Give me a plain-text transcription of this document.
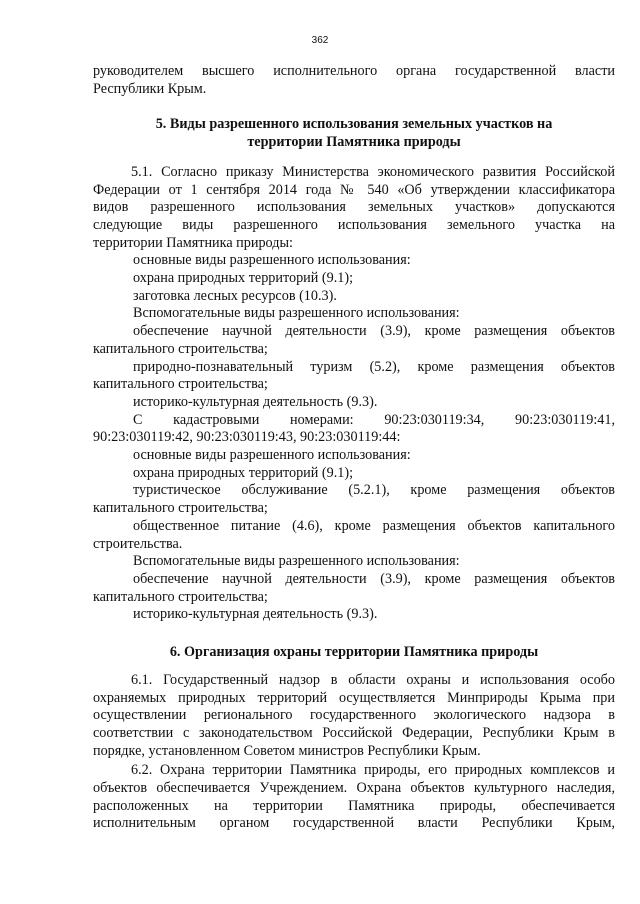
362
руководителем высшего исполнительного органа государственной власти
Республики Крым.
5. Виды разрешенного использования земельных участков на
территории Памятника природы
5.1. Согласно приказу Министерства экономического развития Российской
Федерации от 1 сентября 2014 года № 540 «Об утверждении классификатора
видов разрешенного использования земельных участков» допускаются
следующие виды разрешенного использования земельного участка на
территории Памятника природы:
основные виды разрешенного использования:
охрана природных территорий (9.1);
заготовка лесных ресурсов (10.3).
Вспомогательные виды разрешенного использования:
обеспечение научной деятельности (3.9), кроме размещения объектов
капитального строительства;
природно-познавательный туризм (5.2), кроме размещения объектов
капитального строительства;
историко-культурная деятельность (9.3).
С кадастровыми номерами: 90:23:030119:34, 90:23:030119:41,
90:23:030119:42, 90:23:030119:43, 90:23:030119:44:
основные виды разрешенного использования:
охрана природных территорий (9.1);
туристическое обслуживание (5.2.1), кроме размещения объектов
капитального строительства;
общественное питание (4.6), кроме размещения объектов капитального
строительства.
Вспомогательные виды разрешенного использования:
обеспечение научной деятельности (3.9), кроме размещения объектов
капитального строительства;
историко-культурная деятельность (9.3).
6. Организация охраны территории Памятника природы
6.1. Государственный надзор в области охраны и использования особо
охраняемых природных территорий осуществляется Минприроды Крыма при
осуществлении регионального государственного экологического надзора в
соответствии с законодательством Российской Федерации, Республики Крым в
порядке, установленном Советом министров Республики Крым.
6.2. Охрана территории Памятника природы, его природных комплексов и
объектов обеспечивается Учреждением. Охрана объектов культурного наследия,
расположенных на территории Памятника природы, обеспечивается
исполнительным органом государственной власти Республики Крым,
